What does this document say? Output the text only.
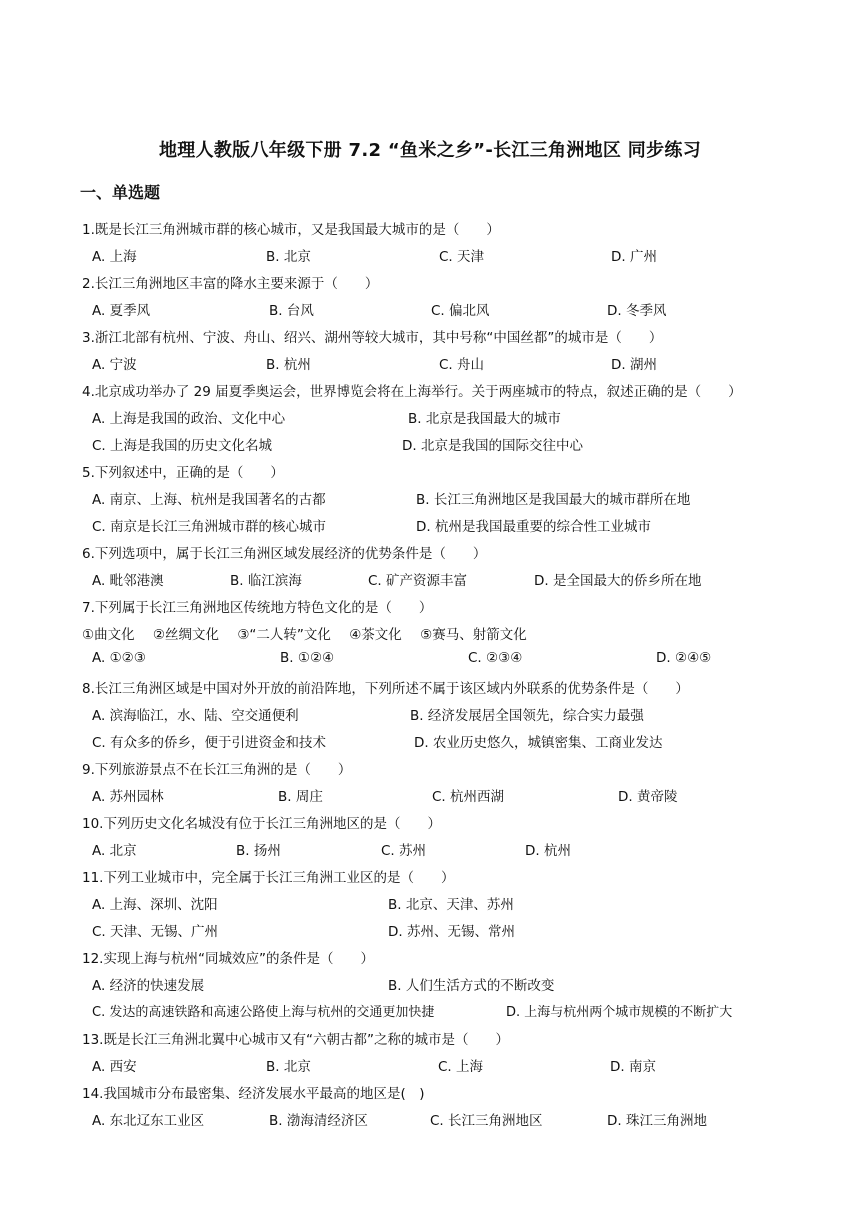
地理人教版八年级下册 7.2 “鱼米之乡”-长江三角洲地区 同步练习
一、单选题
1.既是长江三角洲城市群的核心城市，又是我国最大城市的是（　　）
A. 上海	B. 北京	C. 天津	D. 广州
2.长江三角洲地区丰富的降水主要来源于（　　）
A. 夏季风	B. 台风	C. 偏北风	D. 冬季风
3.浙江北部有杭州、宁波、舟山、绍兴、湖州等较大城市，其中号称“中国丝都”的城市是（　　）
A. 宁波	B. 杭州	C. 舟山	D. 湖州
4.北京成功举办了 29 届夏季奥运会，世界博览会将在上海举行。关于两座城市的特点，叙述正确的是（　　）
A. 上海是我国的政治、文化中心	B. 北京是我国最大的城市
C. 上海是我国的历史文化名城	D. 北京是我国的国际交往中心
5.下列叙述中，正确的是（　　）
A. 南京、上海、杭州是我国著名的古都	B. 长江三角洲地区是我国最大的城市群所在地
C. 南京是长江三角洲城市群的核心城市	D. 杭州是我国最重要的综合性工业城市
6.下列选项中，属于长江三角洲区域发展经济的优势条件是（　　）
A. 毗邻港澳	B. 临江滨海	C. 矿产资源丰富	D. 是全国最大的侨乡所在地
7.下列属于长江三角洲地区传统地方特色文化的是（　　）
①曲文化 ②丝绸文化 ③“二人转”文化 ④茶文化 ⑤赛马、射箭文化
A. ①②③	B. ①②④	C. ②③④	D. ②④⑤
8.长江三角洲区域是中国对外开放的前沿阵地，下列所述不属于该区域内外联系的优势条件是（　　）
A. 滨海临江，水、陆、空交通便利	B. 经济发展居全国领先，综合实力最强
C. 有众多的侨乡，便于引进资金和技术	D. 农业历史悠久，城镇密集、工商业发达
9.下列旅游景点不在长江三角洲的是（　　）
A. 苏州园林	B. 周庄	C. 杭州西湖	D. 黄帝陵
10.下列历史文化名城没有位于长江三角洲地区的是（　　）
A. 北京	B. 扬州	C. 苏州	D. 杭州
11.下列工业城市中，完全属于长江三角洲工业区的是（　　）
A. 上海、深圳、沈阳	B. 北京、天津、苏州
C. 天津、无锡、广州	D. 苏州、无锡、常州
12.实现上海与杭州“同城效应”的条件是（　　）
A. 经济的快速发展	B. 人们生活方式的不断改变
C. 发达的高速铁路和高速公路使上海与杭州的交通更加快捷	D. 上海与杭州两个城市规模的不断扩大
13.既是长江三角洲北翼中心城市又有“六朝古都”之称的城市是（　　）
A. 西安	B. 北京	C. 上海	D. 南京
14.我国城市分布最密集、经济发展水平最高的地区是(　)
A. 东北辽东工业区	B. 渤海清经济区	C. 长江三角洲地区	D. 珠江三角洲地
